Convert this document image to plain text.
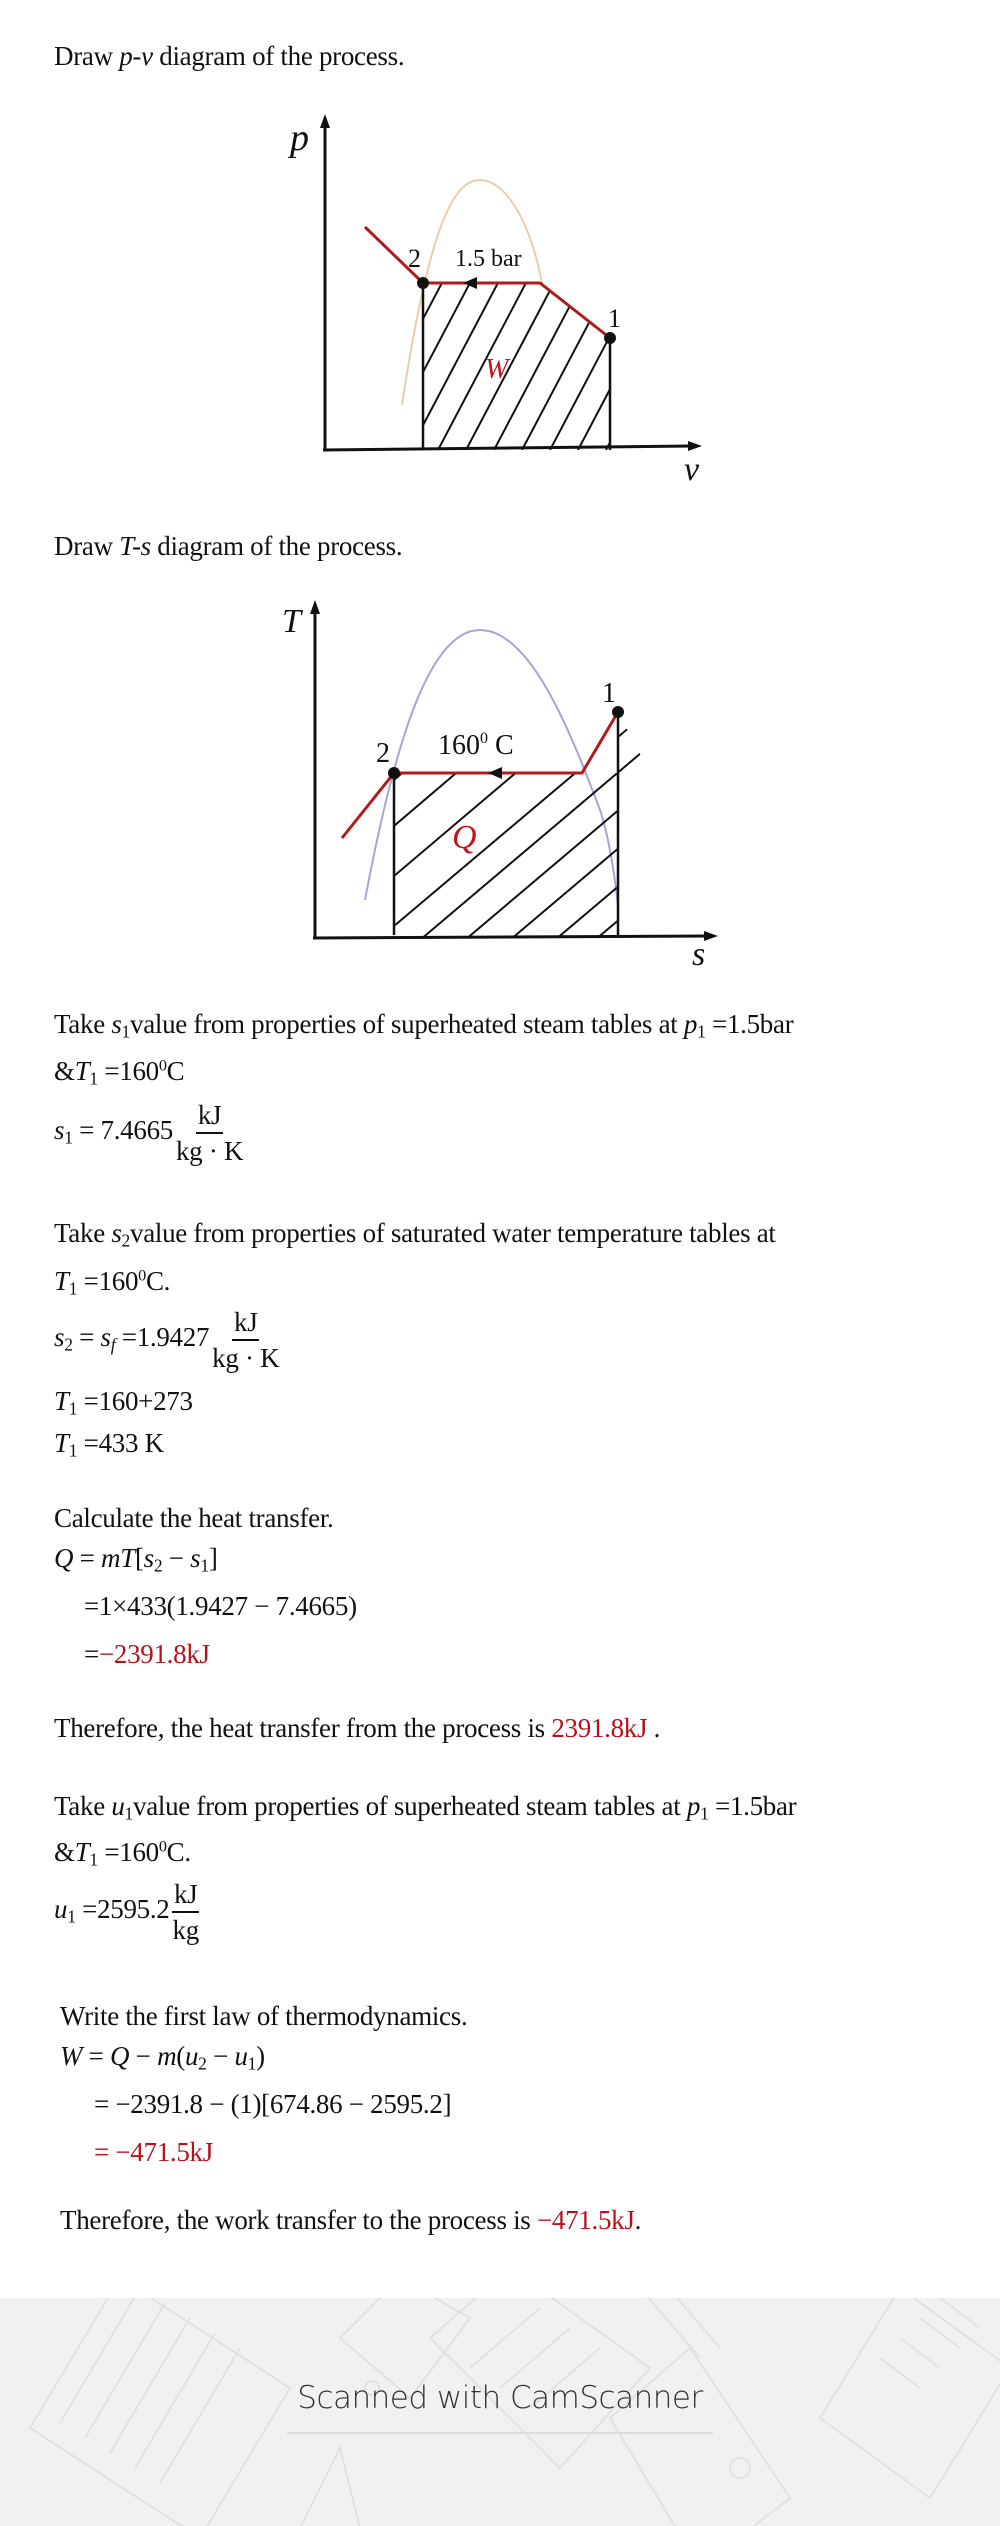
Draw p-v diagram of the process.
p
v
2
1
1.5 bar
W
Draw T-s diagram of the process.
T
s
2
1
$160^0$ C
Q
Take $s_1value$ from properties of superheated steam tables at $p_1 =1.5bar$
$\&T_1 =160^0C$
$s_1 = 7.4665 \frac{kJ}{kg \cdot K}$
Take $s_2value$ from properties of saturated water temperature tables at
$T_1 =160^0C$.
$s_2 = s_f =1.9427 \frac{kJ}{kg \cdot K}$
$T_1 =160+273$
$T_1 =433$ K
Calculate the heat transfer.
$Q = mT[s_2 - s_1]$
=1×433(1.9427 − 7.4665)
=−2391.8kJ
Therefore, the heat transfer from the process is 2391.8kJ .
Take $u_1value$ from properties of superheated steam tables at $p_1 =1.5bar$
$\&T_1 =160^0C$.
$u_1 =2595.2 \frac{kJ}{kg}$
Write the first law of thermodynamics.
$W = Q - m(u_2 - u_1)$
= −2391.8 − (1)[674.86 − 2595.2]
= −471.5kJ
Therefore, the work transfer to the process is −471.5kJ.
Scanned with CamScanner
